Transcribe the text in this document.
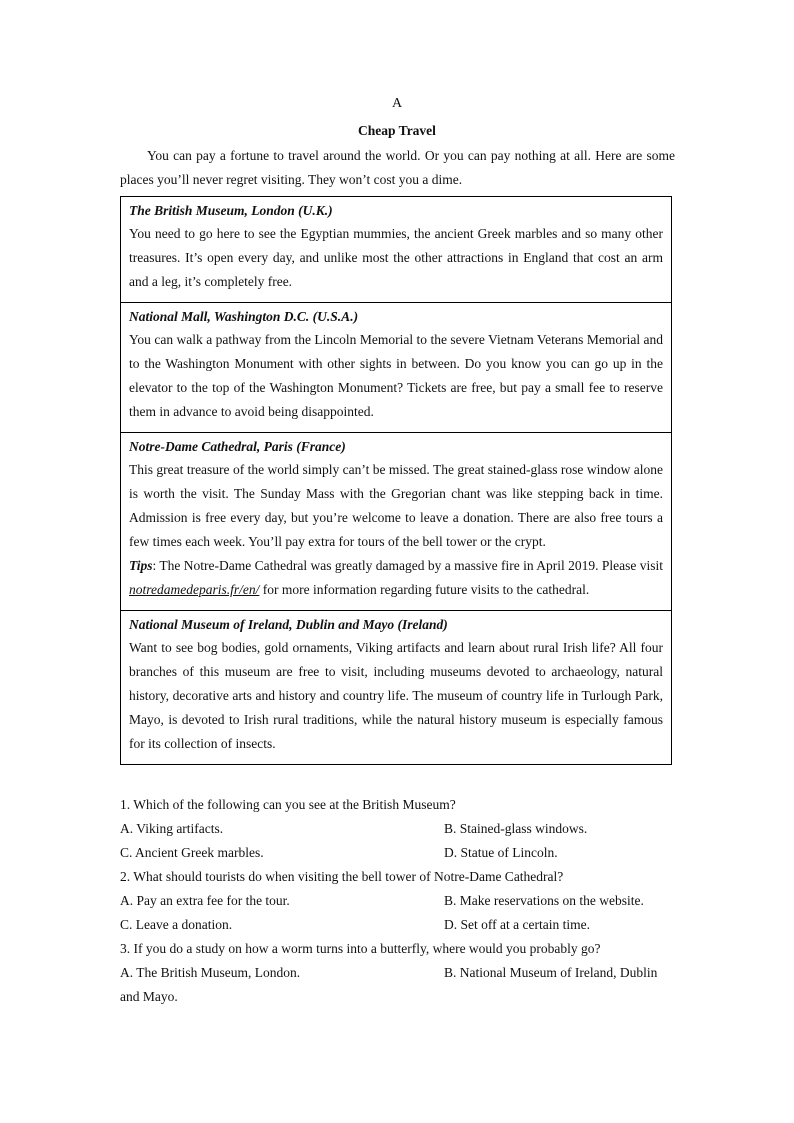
A
Cheap Travel

You can pay a fortune to travel around the world. Or you can pay nothing at all. Here are some places you’ll never regret visiting. They won’t cost you a dime.

The British Museum, London (U.K.)

You need to go here to see the Egyptian mummies, the ancient Greek marbles and so many other treasures. It’s open every day, and unlike most the other attractions in England that cost an arm and a leg, it’s completely free.

National Mall, Washington D.C. (U.S.A.)

You can walk a pathway from the Lincoln Memorial to the severe Vietnam Veterans Memorial and to the Washington Monument with other sights in between. Do you know you can go up in the elevator to the top of the Washington Monument? Tickets are free, but pay a small fee to reserve them in advance to avoid being disappointed.

Notre-Dame Cathedral, Paris (France)

This great treasure of the world simply can’t be missed. The great stained-glass rose window alone is worth the visit. The Sunday Mass with the Gregorian chant was like stepping back in time. Admission is free every day, but you’re welcome to leave a donation. There are also free tours a few times each week. You’ll pay extra for tours of the bell tower or the crypt.

Tips: The Notre-Dame Cathedral was greatly damaged by a massive fire in April 2019. Please visit notredamedeparis.fr/en/ for more information regarding future visits to the cathedral.

National Museum of Ireland, Dublin and Mayo (Ireland)

Want to see bog bodies, gold ornaments, Viking artifacts and learn about rural Irish life? All four branches of this museum are free to visit, including museums devoted to archaeology, natural history, decorative arts and history and country life. The museum of country life in Turlough Park, Mayo, is devoted to Irish rural traditions, while the natural history museum is especially famous for its collection of insects.

1. Which of the following can you see at the British Museum?

A. Viking artifacts.	B. Stained-glass windows.
C. Ancient Greek marbles.	D. Statue of Lincoln.

2. What should tourists do when visiting the bell tower of Notre-Dame Cathedral?

A. Pay an extra fee for the tour.	B. Make reservations on the website.
C. Leave a donation.	D. Set off at a certain time.

3. If you do a study on how a worm turns into a butterfly, where would you probably go?

A. The British Museum, London.	B. National Museum of Ireland, Dublin

and Mayo.
